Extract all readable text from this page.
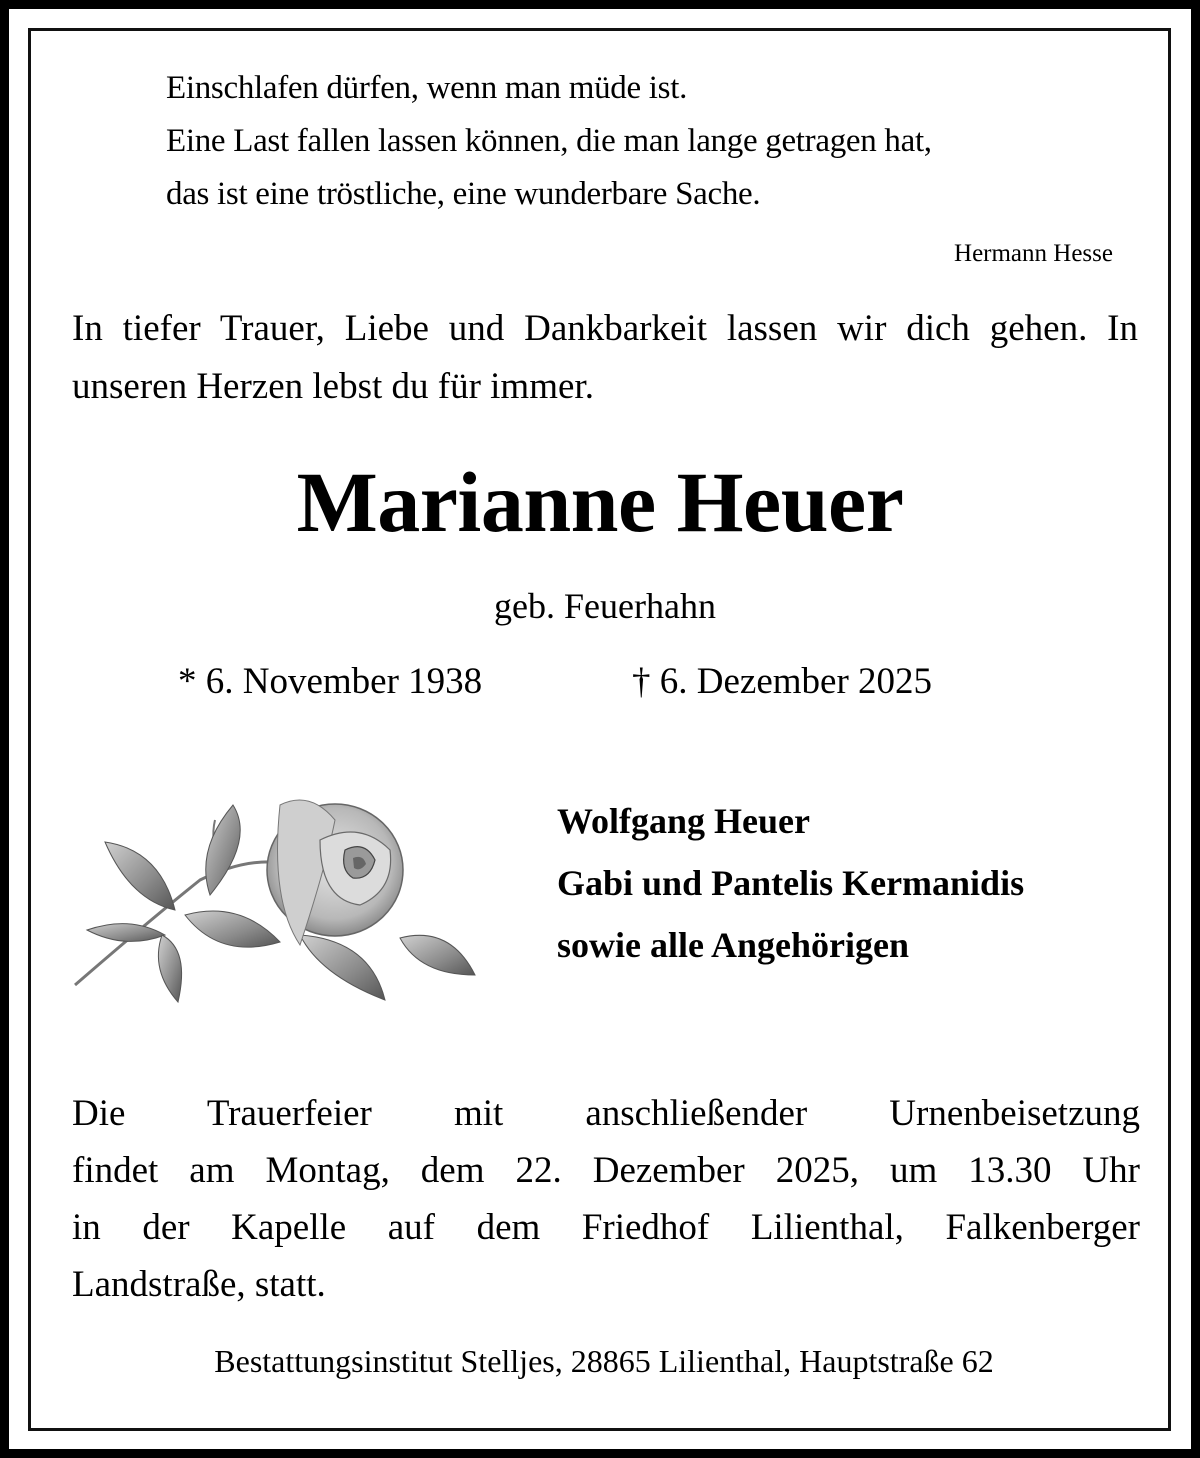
Einschlafen dürfen, wenn man müde ist.
Eine Last fallen lassen können, die man lange getragen hat,
das ist eine tröstliche, eine wunderbare Sache.
Hermann Hesse

In tiefer Trauer, Liebe und Dankbarkeit lassen wir dich gehen. In unseren Herzen lebst du für immer.

Marianne Heuer
geb. Feuerhahn
* 6. November 1938	† 6. Dezember 2025
Wolfgang Heuer
Gabi und Pantelis Kermanidis
sowie alle Angehörigen
Die Trauerfeier mit anschließender Urnenbeisetzung
findet am Montag, dem 22. Dezember 2025, um 13.30 Uhr
in der Kapelle auf dem Friedhof Lilienthal, Falkenberger
Landstraße, statt.
Bestattungsinstitut Stelljes, 28865 Lilienthal, Hauptstraße 62
